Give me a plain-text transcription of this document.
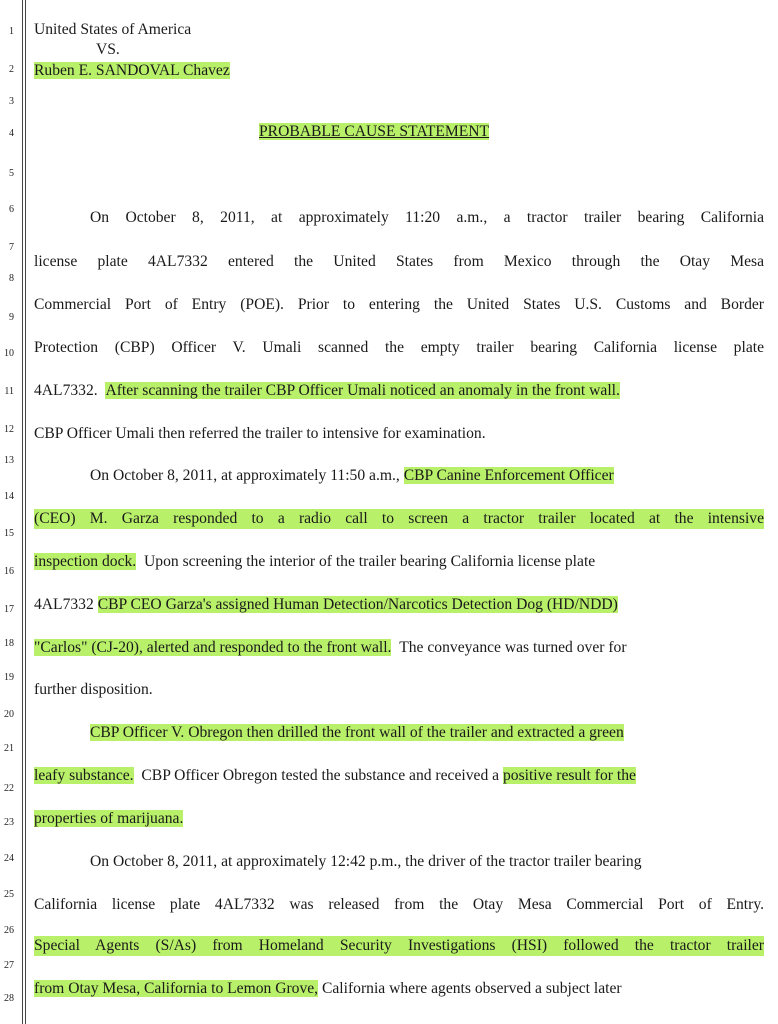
1
2
3
4
5
6
7
8
9
10
11
12
13
14
15
16
17
18
19
20
21
22
23
24
25
26
27
28
United States of America
VS.
Ruben E. SANDOVAL Chavez
PROBABLE CAUSE STATEMENT
On October 8, 2011, at approximately 11:20 a.m., a tractor trailer bearing California
license plate 4AL7332 entered the United States from Mexico through the Otay Mesa
Commercial Port of Entry (POE). Prior to entering the United States U.S. Customs and Border
Protection (CBP) Officer V. Umali scanned the empty trailer bearing California license plate
4AL7332. After scanning the trailer CBP Officer Umali noticed an anomaly in the front wall.
CBP Officer Umali then referred the trailer to intensive for examination.
On October 8, 2011, at approximately 11:50 a.m., CBP Canine Enforcement Officer
(CEO) M. Garza responded to a radio call to screen a tractor trailer located at the intensive
inspection dock. Upon screening the interior of the trailer bearing California license plate
4AL7332 CBP CEO Garza's assigned Human Detection/Narcotics Detection Dog (HD/NDD)
"Carlos" (CJ-20), alerted and responded to the front wall. The conveyance was turned over for
further disposition.
CBP Officer V. Obregon then drilled the front wall of the trailer and extracted a green
leafy substance. CBP Officer Obregon tested the substance and received a positive result for the
properties of marijuana.
On October 8, 2011, at approximately 12:42 p.m., the driver of the tractor trailer bearing
California license plate 4AL7332 was released from the Otay Mesa Commercial Port of Entry.
Special Agents (S/As) from Homeland Security Investigations (HSI) followed the tractor trailer
from Otay Mesa, California to Lemon Grove, California where agents observed a subject later
